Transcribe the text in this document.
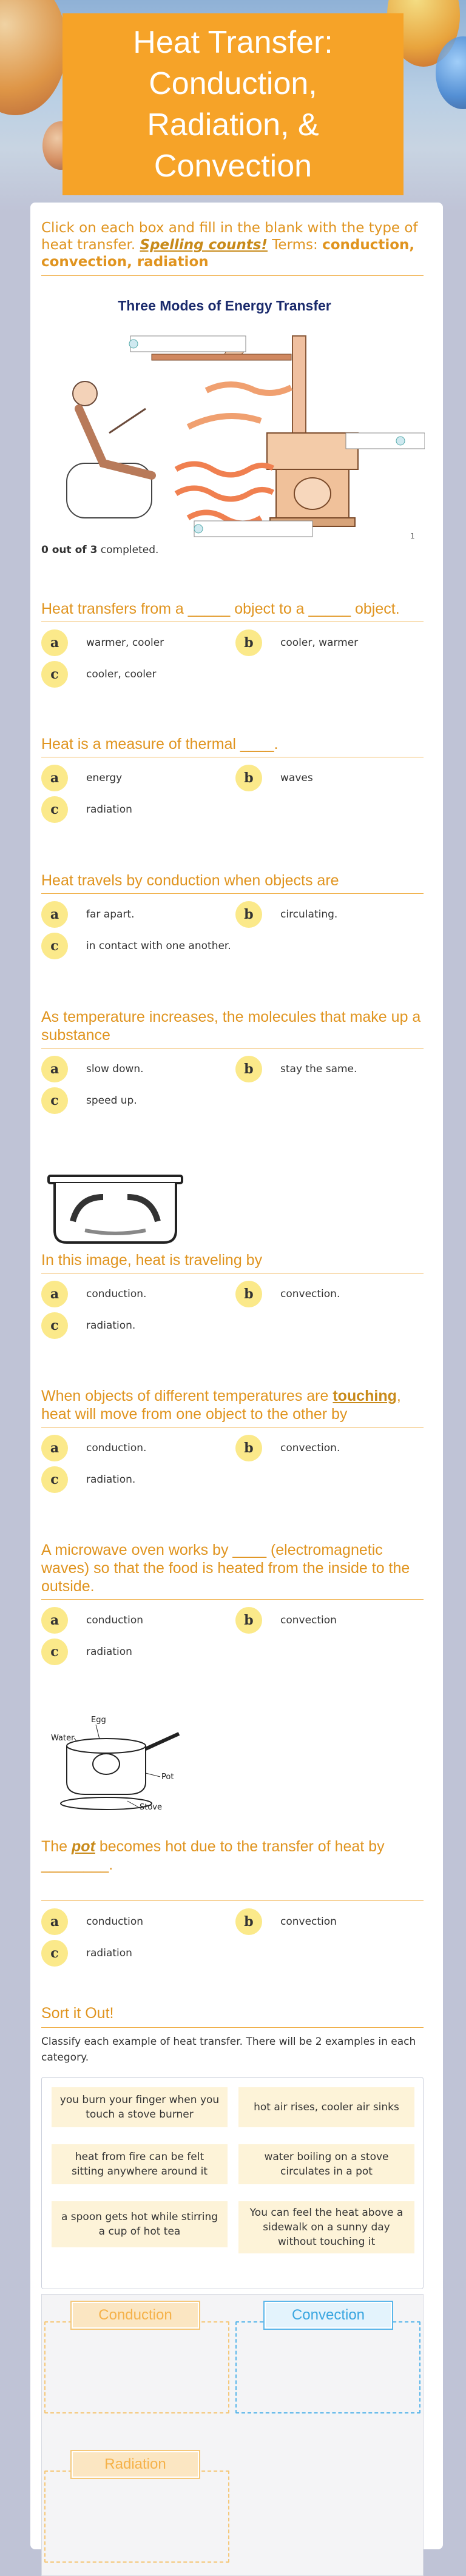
Heat Transfer: Conduction, Radiation, & Convection

Click on each box and fill in the blank with the type of heat transfer. Spelling counts! Terms: conduction, convection, radiation

Three Modes of Energy Transfer
1
0 out of 3 completed.
Heat transfers from a _____ object to a _____ object.
a	warmer, cooler	b	cooler, warmer
c	cooler, cooler
Heat is a measure of thermal ____.
a	energy	b	waves
c	radiation
Heat travels by conduction when objects are
a	far apart.	b	circulating.
c	in contact with one another.
As temperature increases, the molecules that make up a substance
a	slow down.	b	stay the same.
c	speed up.
In this image, heat is traveling by
a	conduction.	b	convection.
c	radiation.
When objects of different temperatures are touching, heat will move from one object to the other by
a	conduction.	b	convection.
c	radiation.
A microwave oven works by ____ (electromagnetic waves) so that the food is heated from the inside to the outside.
a	conduction	b	convection
c	radiation
Egg
Water
Pot
Stove
The pot becomes hot due to the transfer of heat by ________.
a	conduction	b	convection
c	radiation
Sort it Out!
Classify each example of heat transfer. There will be 2 examples in each category.
you burn your finger when you touch a stove burner
hot air rises, cooler air sinks
heat from fire can be felt sitting anywhere around it
water boiling on a stove circulates in a pot
a spoon gets hot while stirring a cup of hot tea
You can feel the heat above a sidewalk on a sunny day without touching it
Conduction	Convection
Radiation
